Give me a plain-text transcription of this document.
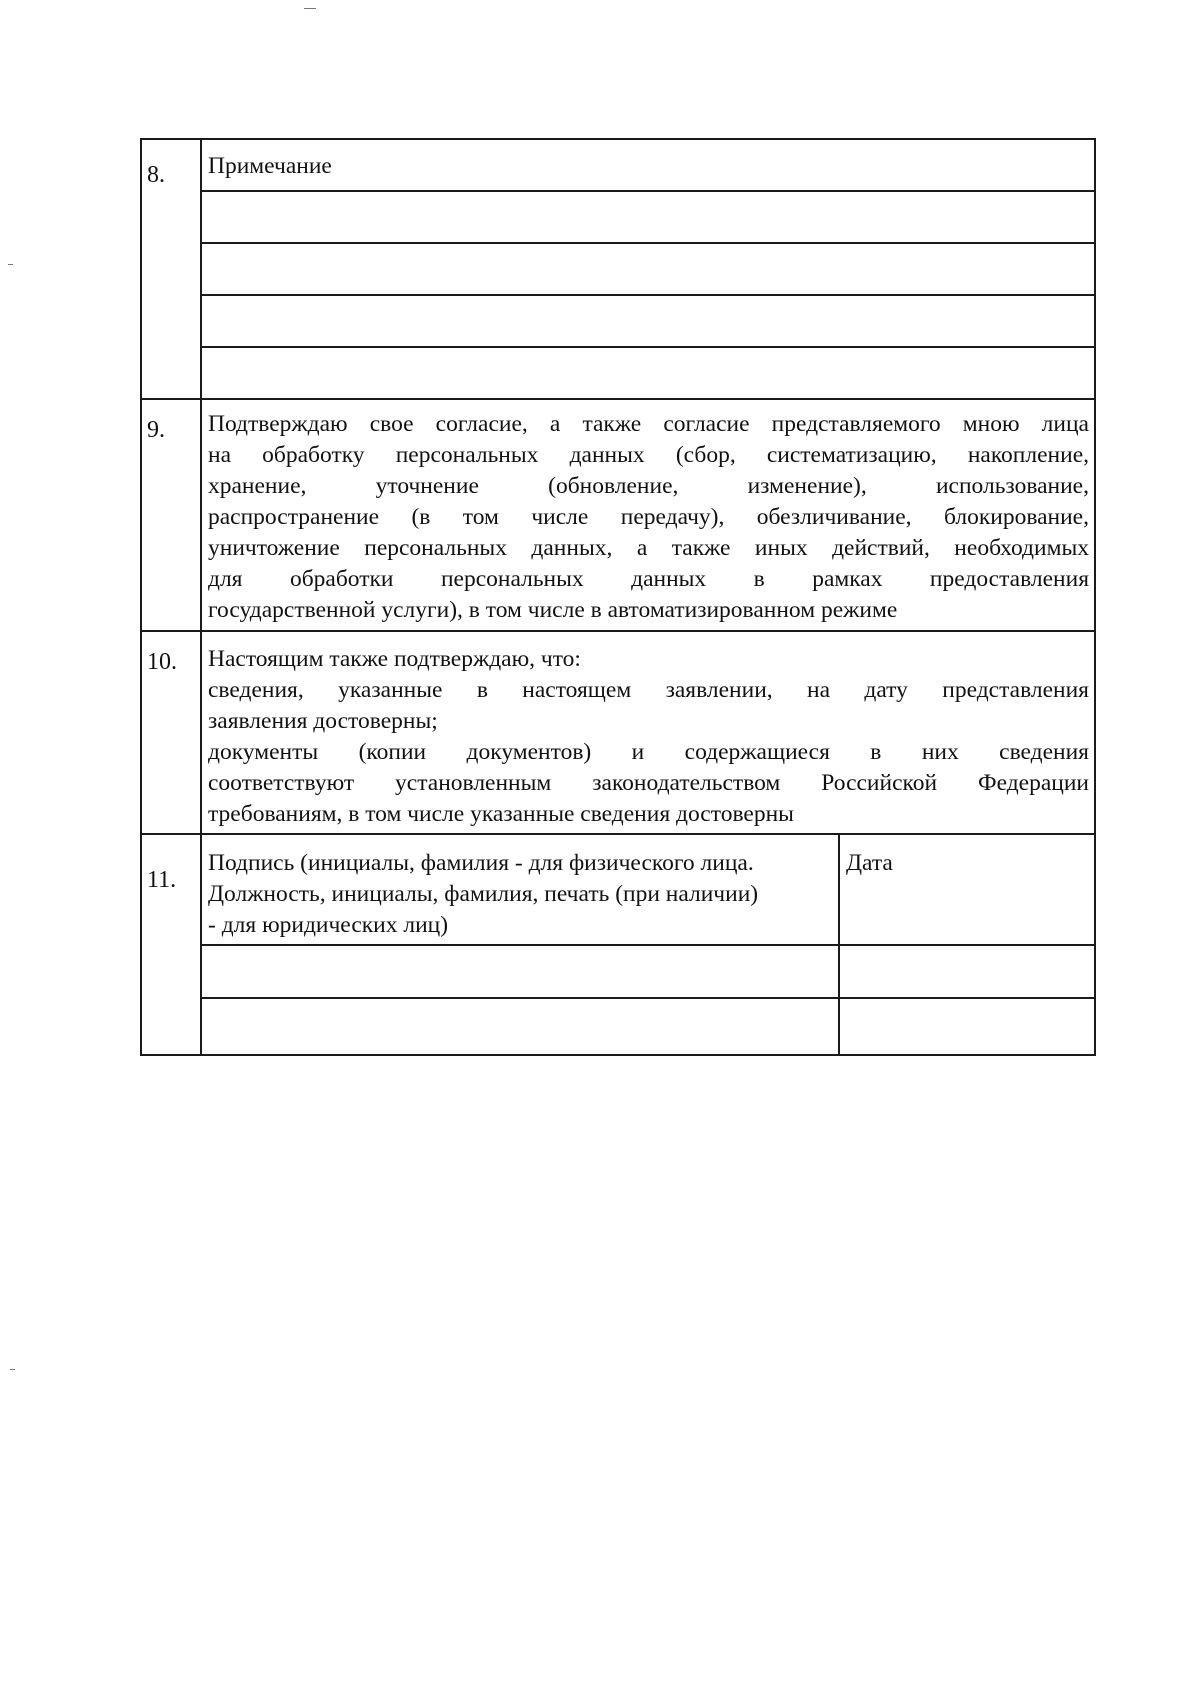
8. Примечание
9. Подтверждаю свое согласие, а также согласие представляемого мною лица
на обработку персональных данных (сбор, систематизацию, накопление,
хранение, уточнение (обновление, изменение), использование,
распространение (в том числе передачу), обезличивание, блокирование,
уничтожение персональных данных, а также иных действий, необходимых
для обработки персональных данных в рамках предоставления
государственной услуги), в том числе в автоматизированном режиме
10. Настоящим также подтверждаю, что:
сведения, указанные в настоящем заявлении, на дату представления
заявления достоверны;
документы (копии документов) и содержащиеся в них сведения
соответствуют установленным законодательством Российской Федерации
требованиям, в том числе указанные сведения достоверны
11.
Подпись (инициалы, фамилия - для физического лица.
Должность, инициалы, фамилия, печать (при наличии)
- для юридических лиц)
Дата
